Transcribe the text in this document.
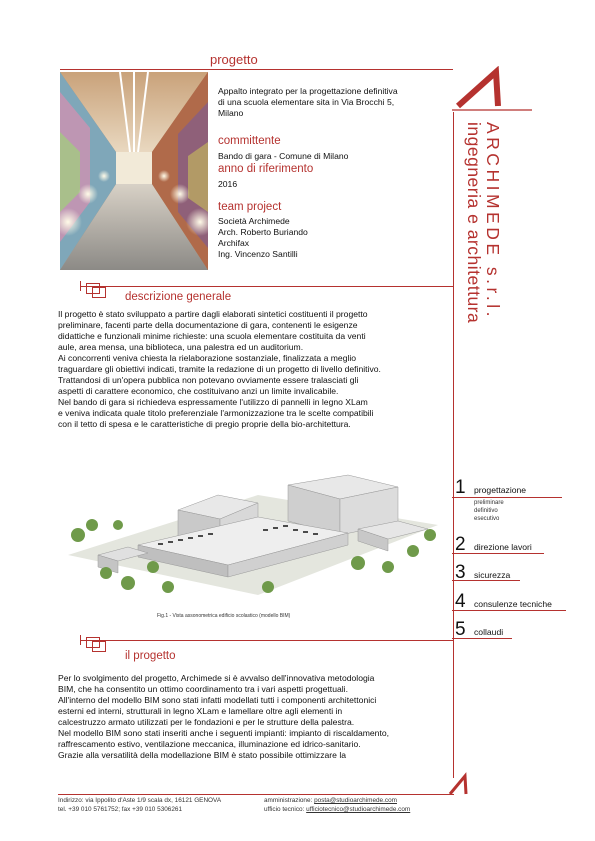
progetto
Appalto integrato per la progettazione definitiva
di una scuola elementare sita in Via Brocchi 5,
Milano
committente
Bando di gara - Comune di Milano
anno di riferimento
2016
team project
Società Archimede
Arch. Roberto Buriando
Archifax
Ing. Vincenzo Santilli	ARCHIMEDE s.r.l.
ingegneria e architettura
descrizione generale
Il progetto è stato sviluppato a partire dagli elaborati sintetici costituenti il progetto
preliminare, facenti parte della documentazione di gara, contenenti le esigenze
didattiche e funzionali minime richieste: una scuola elementare costituita da venti
aule, area mensa, una biblioteca, una palestra ed un auditorium.
Ai concorrenti veniva chiesta la rielaborazione sostanziale, finalizzata a meglio
traguardare gli obiettivi indicati, tramite la redazione di un progetto di livello definitivo.
Trattandosi di un'opera pubblica non potevano ovviamente essere tralasciati gli
aspetti di carattere economico, che costituivano anzi un limite invalicabile.
Nel bando di gara si richiedeva espressamente l'utilizzo di pannelli in legno XLam
e veniva indicata quale titolo preferenziale l'armonizzazione tra le scelte compatibili
con il tetto di spesa e le caratteristiche di pregio proprie della bio-architettura.
Fig.1 - Vista assonometrica edificio scolastico (modello BIM)
il progetto
Per lo svolgimento del progetto, Archimede si è avvalso dell'innovativa metodologia
BIM, che ha consentito un ottimo coordinamento tra i vari aspetti progettuali.
All'interno del modello BIM sono stati infatti modellati tutti i componenti architettonici
esterni ed interni, strutturali in legno XLam e lamellare oltre agli elementi in
calcestruzzo armato utilizzati per le fondazioni e per le strutture della palestra.
Nel modello BIM sono stati inseriti anche i seguenti impianti: impianto di riscaldamento,
raffrescamento estivo, ventilazione meccanica, illuminazione ed idrico-sanitario.
Grazie alla versatilità della modellazione BIM è stato possibile ottimizzare la
1 progettazione
preliminare
definitivo
esecutivo
2 direzione lavori
3 sicurezza
4 consulenze tecniche
5 collaudi
Indirizzo: via Ippolito d'Aste 1/9 scala dx, 16121 GENOVA
tel. +39 010 5761752; fax +39 010 5306261
amministrazione: posta@studioarchimede.com
ufficio tecnico: ufficiotecnico@studioarchimede.com
